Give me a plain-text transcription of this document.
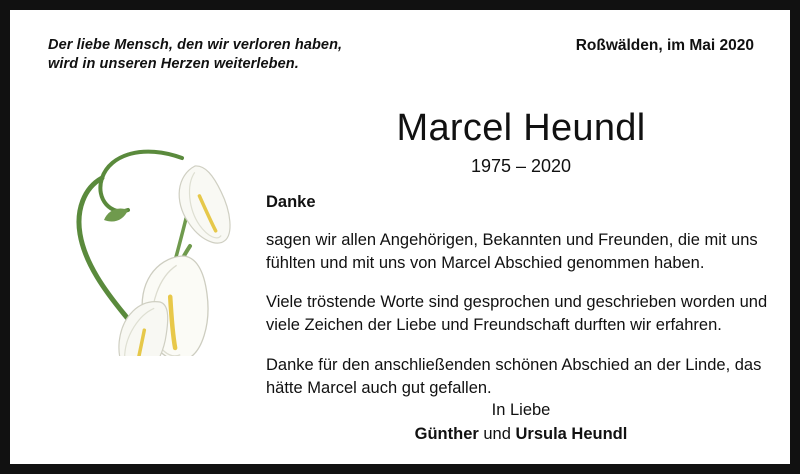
Der liebe Mensch, den wir verloren haben,
wird in unseren Herzen weiterleben.
Roßwälden, im Mai 2020
Marcel Heundl
1975 – 2020
Danke

sagen wir allen Angehörigen, Bekannten und Freunden, die mit uns fühlten und mit uns von Marcel Abschied genommen haben.

Viele tröstende Worte sind gesprochen und geschrieben worden und viele Zeichen der Liebe und Freundschaft durften wir erfahren.

Danke für den anschließenden schönen Abschied an der Linde, das hätte Marcel auch gut gefallen.

In Liebe
Günther und Ursula Heundl
